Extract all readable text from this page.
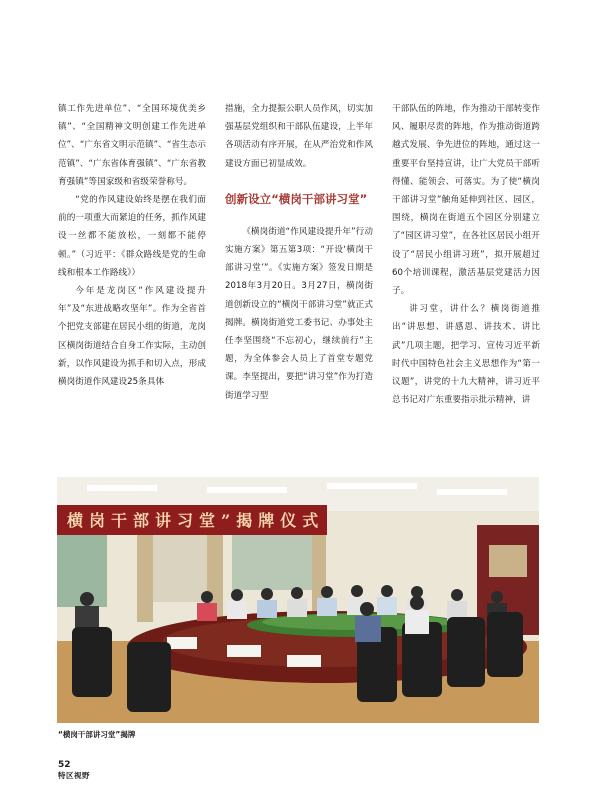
镇工作先进单位”、“全国环境优美乡镇”、“全国精神文明创建工作先进单位”、“广东省文明示范镇”、“省生态示范镇”、“广东省体育强镇”、“广东省教育强镇”等国家级和省级荣誉称号。

“党的作风建设始终是摆在我们面前的一项重大而紧迫的任务，抓作风建设一丝都不能放松，一刻都不能停顿。”（习近平：《群众路线是党的生命线和根本工作路线》）

今年是龙岗区“作风建设提升年”及“东进战略攻坚年”。作为全省首个把党支部建在居民小组的街道，龙岗区横岗街道结合自身工作实际，主动创新，以作风建设为抓手和切入点，形成横岗街道作风建设25条具体

措施，全力提振公职人员作风，切实加强基层党组织和干部队伍建设，上半年各项活动有序开展，在从严治党和作风建设方面已初显成效。

创新设立“横岗干部讲习堂”

《横岗街道“作风建设提升年”行动实施方案》第五第3项：“开设‘横岗干部讲习堂’”。《实施方案》签发日期是2018年3月20日。3月27日，横岗街道创新设立的“横岗干部讲习堂”就正式揭牌。横岗街道党工委书记、办事处主任李坚围绕“不忘初心，继续前行”主题，为全体参会人员上了首堂专题党课。李坚提出，要把“讲习堂”作为打造街道学习型

干部队伍的阵地，作为推动干部转变作风、履职尽责的阵地，作为推动街道跨越式发展、争先进位的阵地，通过这一重要平台坚持宣讲，让广大党员干部听得懂、能领会、可落实。为了使“横岗干部讲习堂”触角延伸到社区、园区，围绕，横岗在街道五个园区分别建立了“园区讲习堂”，在各社区居民小组开设了“居民小组讲习班”，拟开展超过60个培训课程，激活基层党建活力因子。

讲习堂，讲什么？横岗街道推出“讲思想、讲感恩、讲技术、讲比武”几项主题，把学习、宣传习近平新时代中国特色社会主义思想作为“第一议题”，讲党的十九大精神，讲习近平总书记对广东重要指示批示精神，讲

横岗干部讲习堂”揭牌仪式
“横岗干部讲习堂”揭牌
52
特区视野
